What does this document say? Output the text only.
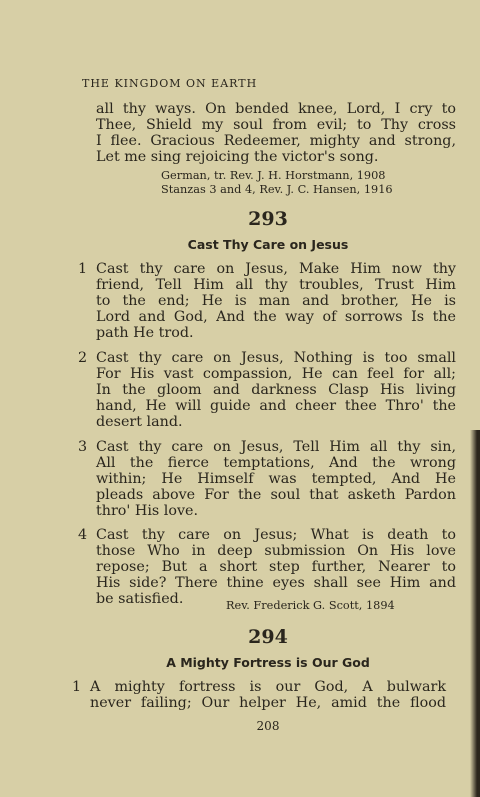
THE KINGDOM ON EARTH
all thy ways. On bended knee, Lord, I cry to
Thee, Shield my soul from evil; to Thy cross
I flee. Gracious Redeemer, mighty and strong,
Let me sing rejoicing the victor's song.
German, tr. Rev. J. H. Horstmann, 1908
Stanzas 3 and 4, Rev. J. C. Hansen, 1916
293
Cast Thy Care on Jesus
1 Cast thy care on Jesus, Make Him now thy
friend, Tell Him all thy troubles, Trust Him
to the end; He is man and brother, He is
Lord and God, And the way of sorrows Is the
path He trod.
2 Cast thy care on Jesus, Nothing is too small
For His vast compassion, He can feel for all;
In the gloom and darkness Clasp His living
hand, He will guide and cheer thee Thro' the
desert land.
3 Cast thy care on Jesus, Tell Him all thy sin,
All the fierce temptations, And the wrong
within; He Himself was tempted, And He
pleads above For the soul that asketh Pardon
thro' His love.
4 Cast thy care on Jesus; What is death to
those Who in deep submission On His love
repose; But a short step further, Nearer to
His side? There thine eyes shall see Him and
be satisfied.	Rev. Frederick G. Scott, 1894
294
A Mighty Fortress is Our God
1 A mighty fortress is our God, A bulwark
never failing; Our helper He, amid the flood
208
